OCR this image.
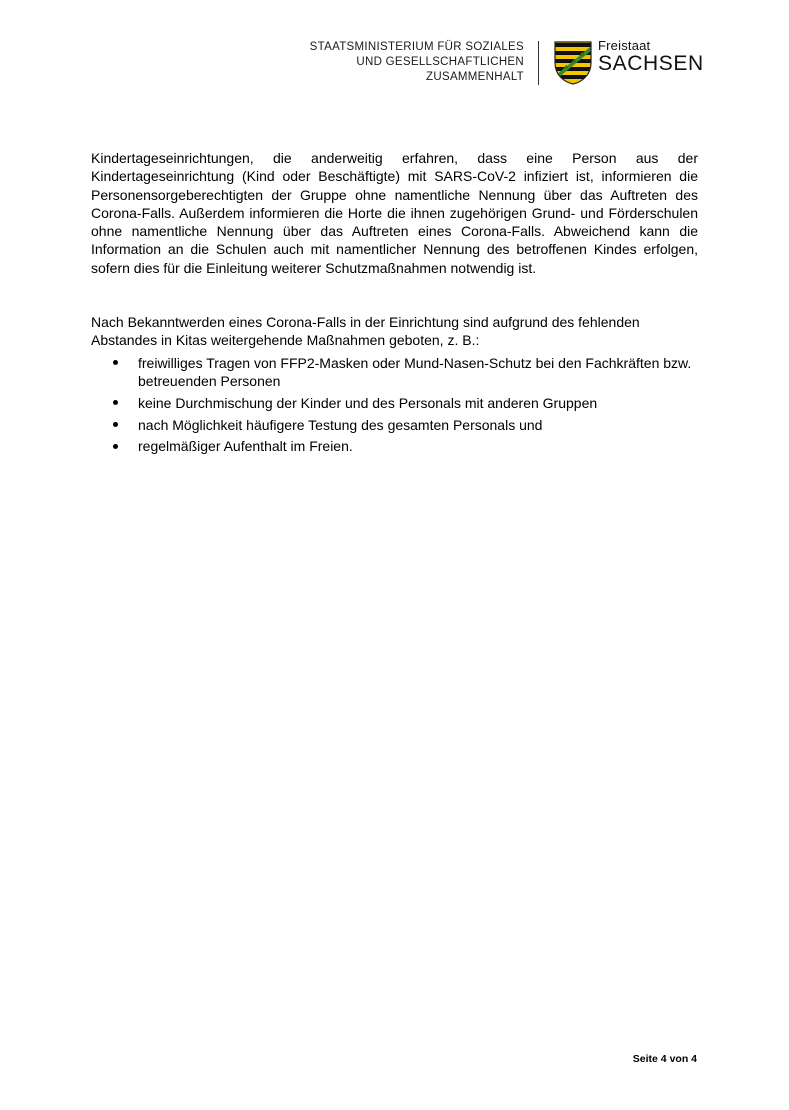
STAATSMINISTERIUM FÜR SOZIALES
UND GESELLSCHAFTLICHEN
ZUSAMMENHALT
Freistaat
SACHSEN

Kindertageseinrichtungen, die anderweitig erfahren, dass eine Person aus der Kindertageseinrichtung (Kind oder Beschäftigte) mit SARS-CoV-2 infiziert ist, informieren die Personensorgeberechtigten der Gruppe ohne namentliche Nennung über das Auftreten des Corona-Falls. Außerdem informieren die Horte die ihnen zugehörigen Grund- und Förderschulen ohne namentliche Nennung über das Auftreten eines Corona-Falls. Abweichend kann die Information an die Schulen auch mit namentlicher Nennung des betroffenen Kindes erfolgen, sofern dies für die Einleitung weiterer Schutzmaßnahmen notwendig ist.

Nach Bekanntwerden eines Corona-Falls in der Einrichtung sind aufgrund des fehlenden Abstandes in Kitas weitergehende Maßnahmen geboten, z. B.:

freiwilliges Tragen von FFP2-Masken oder Mund-Nasen-Schutz bei den Fachkräften bzw. betreuenden Personen
keine Durchmischung der Kinder und des Personals mit anderen Gruppen
nach Möglichkeit häufigere Testung des gesamten Personals und
regelmäßiger Aufenthalt im Freien.
Seite 4 von 4
